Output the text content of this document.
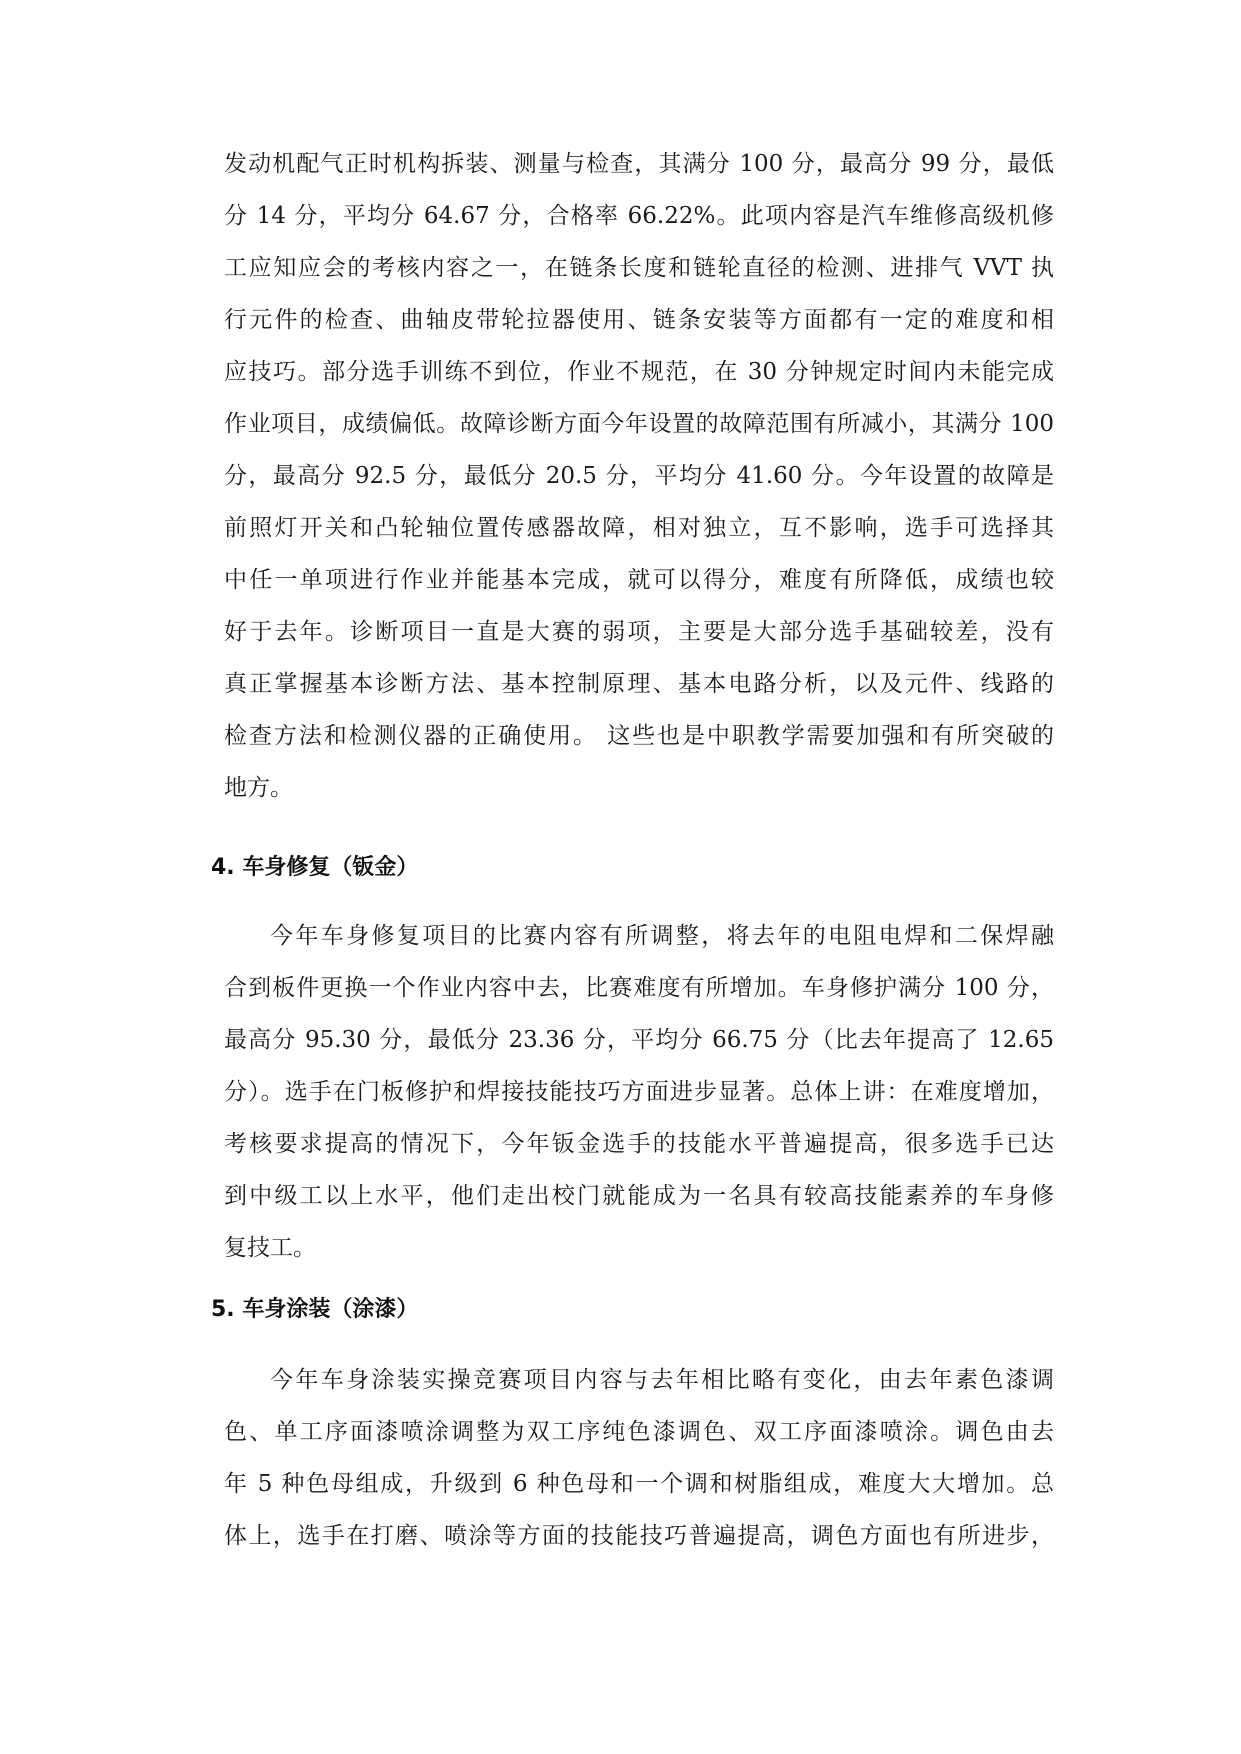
发动机配气正时机构拆装、测量与检查，其满分 100 分，最高分 99 分，最低
分 14 分，平均分 64.67 分，合格率 66.22%。此项内容是汽车维修高级机修
工应知应会的考核内容之一，在链条长度和链轮直径的检测、进排气 VVT 执
行元件的检查、曲轴皮带轮拉器使用、链条安装等方面都有一定的难度和相
应技巧。部分选手训练不到位，作业不规范，在 30 分钟规定时间内未能完成
作业项目，成绩偏低。故障诊断方面今年设置的故障范围有所减小，其满分 100
分，最高分 92.5 分，最低分 20.5 分，平均分 41.60 分。今年设置的故障是
前照灯开关和凸轮轴位置传感器故障，相对独立，互不影响，选手可选择其
中任一单项进行作业并能基本完成，就可以得分，难度有所降低，成绩也较
好于去年。诊断项目一直是大赛的弱项，主要是大部分选手基础较差，没有
真正掌握基本诊断方法、基本控制原理、基本电路分析，以及元件、线路的
检查方法和检测仪器的正确使用。 这些也是中职教学需要加强和有所突破的
地方。
4. 车身修复（钣金）
今年车身修复项目的比赛内容有所调整，将去年的电阻电焊和二保焊融
合到板件更换一个作业内容中去，比赛难度有所增加。车身修护满分 100 分，
最高分 95.30 分，最低分 23.36 分，平均分 66.75 分（比去年提高了 12.65
分）。选手在门板修护和焊接技能技巧方面进步显著。总体上讲：在难度增加，
考核要求提高的情况下，今年钣金选手的技能水平普遍提高，很多选手已达
到中级工以上水平，他们走出校门就能成为一名具有较高技能素养的车身修
复技工。
5. 车身涂装（涂漆）
今年车身涂装实操竞赛项目内容与去年相比略有变化，由去年素色漆调
色、单工序面漆喷涂调整为双工序纯色漆调色、双工序面漆喷涂。调色由去
年 5 种色母组成，升级到 6 种色母和一个调和树脂组成，难度大大增加。总
体上，选手在打磨、喷涂等方面的技能技巧普遍提高，调色方面也有所进步，
